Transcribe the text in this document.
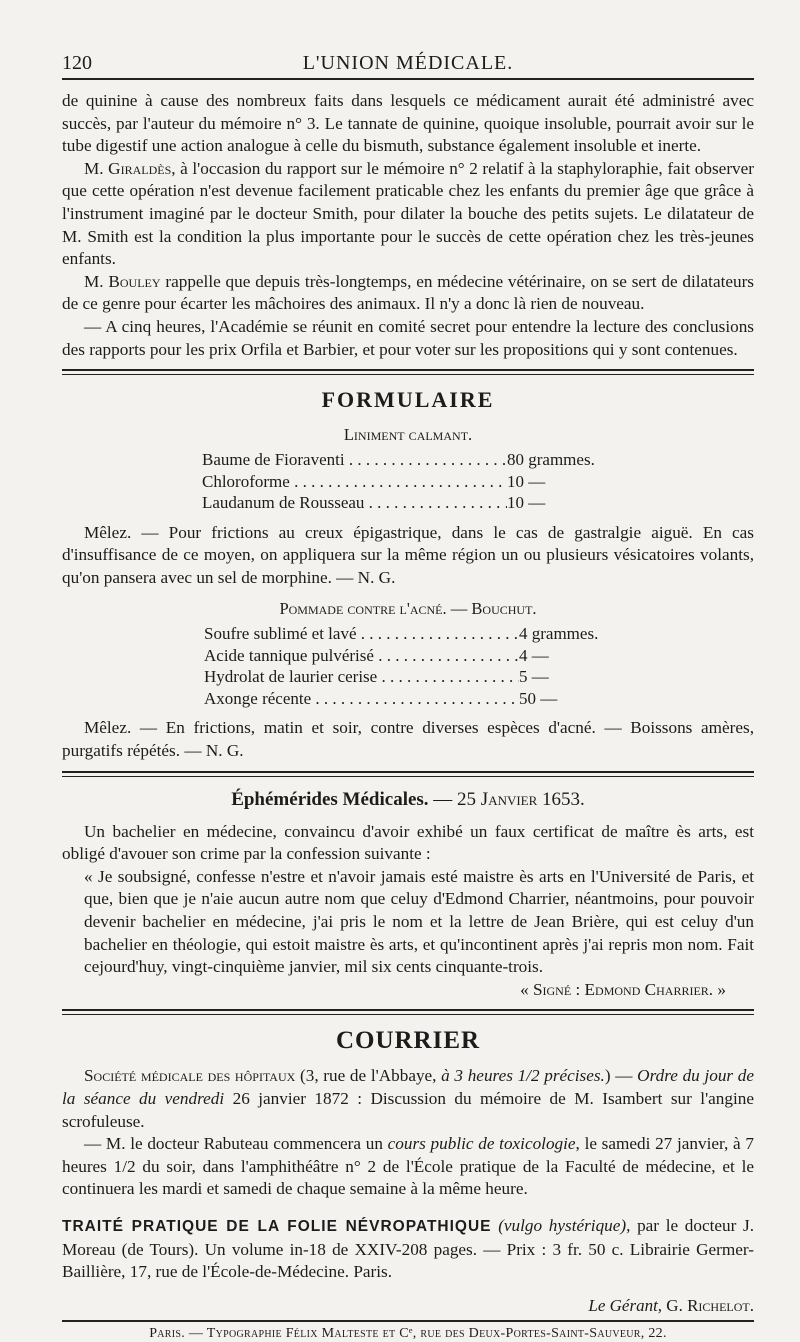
120	L'UNION MÉDICALE.

de quinine à cause des nombreux faits dans lesquels ce médicament aurait été administré avec succès, par l'auteur du mémoire n° 3. Le tannate de quinine, quoique insoluble, pourrait avoir sur le tube digestif une action analogue à celle du bismuth, substance également insoluble et inerte.

M. Giraldès, à l'occasion du rapport sur le mémoire n° 2 relatif à la staphyloraphie, fait observer que cette opération n'est devenue facilement praticable chez les enfants du premier âge que grâce à l'instrument imaginé par le docteur Smith, pour dilater la bouche des petits sujets. Le dilatateur de M. Smith est la condition la plus importante pour le succès de cette opération chez les très-jeunes enfants.

M. Bouley rappelle que depuis très-longtemps, en médecine vétérinaire, on se sert de dilatateurs de ce genre pour écarter les mâchoires des animaux. Il n'y a donc là rien de nouveau.

— A cinq heures, l'Académie se réunit en comité secret pour entendre la lecture des conclusions des rapports pour les prix Orfila et Barbier, et pour voter sur les propositions qui y sont contenues.

FORMULAIRE
Liniment calmant.
Baume de Fioraventi . . .	80 grammes.
Chloroforme . . .	10 —
Laudanum de Rousseau . . .	10 —

Mêlez. — Pour frictions au creux épigastrique, dans le cas de gastralgie aiguë. En cas d'insuffisance de ce moyen, on appliquera sur la même région un ou plusieurs vésicatoires volants, qu'on pansera avec un sel de morphine. — N. G.

Pommade contre l'acné. — Bouchut.
Soufre sublimé et lavé . . .	4 grammes.
Acide tannique pulvérisé . . .	4 —
Hydrolat de laurier cerise . . .	5 —
Axonge récente . . .	50 —

Mêlez. — En frictions, matin et soir, contre diverses espèces d'acné. — Boissons amères, purgatifs répétés. — N. G.

Éphémérides Médicales. — 25 Janvier 1653.

Un bachelier en médecine, convaincu d'avoir exhibé un faux certificat de maître ès arts, est obligé d'avouer son crime par la confession suivante :

« Je soubsigné, confesse n'estre et n'avoir jamais esté maistre ès arts en l'Université de Paris, et que, bien que je n'aie aucun autre nom que celuy d'Edmond Charrier, néantmoins, pour pouvoir devenir bachelier en médecine, j'ai pris le nom et la lettre de Jean Brière, qui est celuy d'un bachelier en théologie, qui estoit maistre ès arts, et qu'incontinent après j'ai repris mon nom. Fait cejourd'huy, vingt-cinquième janvier, mil six cents cinquante-trois.

« Signé : Edmond Charrier. »

COURRIER

Société médicale des hôpitaux (3, rue de l'Abbaye, à 3 heures 1/2 précises.) — Ordre du jour de la séance du vendredi 26 janvier 1872 : Discussion du mémoire de M. Isambert sur l'angine scrofuleuse.

— M. le docteur Rabuteau commencera un cours public de toxicologie, le samedi 27 janvier, à 7 heures 1/2 du soir, dans l'amphithéâtre n° 2 de l'École pratique de la Faculté de médecine, et le continuera les mardi et samedi de chaque semaine à la même heure.

TRAITÉ PRATIQUE DE LA FOLIE NÉVROPATHIQUE (vulgo hystérique), par le docteur J. Moreau (de Tours). Un volume in-18 de XXIV-208 pages. — Prix : 3 fr. 50 c. Librairie Germer-Baillière, 17, rue de l'École-de-Médecine. Paris.

Le Gérant, G. Richelot.
Paris. — Typographie Félix Malteste et Cᵉ, rue des Deux-Portes-Saint-Sauveur, 22.
